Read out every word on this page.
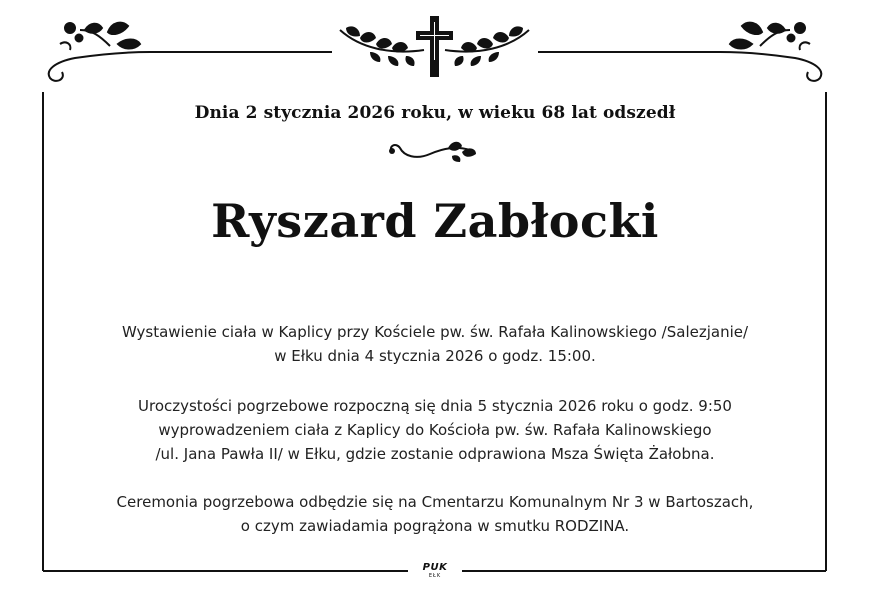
Dnia 2 stycznia 2026 roku, w wieku 68 lat odszedł
Ryszard Zabłocki
Wystawienie ciała w Kaplicy przy Kościele pw. św. Rafała Kalinowskiego /Salezjanie/
w Ełku dnia 4 stycznia 2026 o godz. 15:00.
Uroczystości pogrzebowe rozpoczną się dnia 5 stycznia 2026 roku o godz. 9:50
wyprowadzeniem ciała z Kaplicy do Kościoła pw. św. Rafała Kalinowskiego
/ul. Jana Pawła II/ w Ełku, gdzie zostanie odprawiona Msza Święta Żałobna.
Ceremonia pogrzebowa odbędzie się na Cmentarzu Komunalnym Nr 3 w Bartoszach,
o czym zawiadamia pogrążona w smutku RODZINA.
PUK
EŁK
